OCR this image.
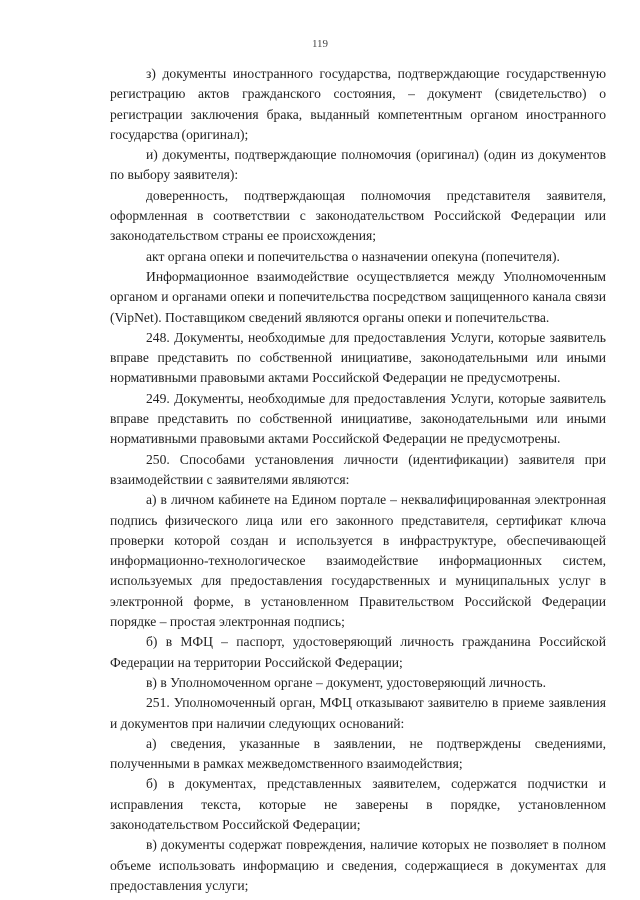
119

з) документы иностранного государства, подтверждающие государственную регистрацию актов гражданского состояния, – документ (свидетельство) о регистрации заключения брака, выданный компетентным органом иностранного государства (оригинал);

и) документы, подтверждающие полномочия (оригинал) (один из документов по выбору заявителя):

доверенность, подтверждающая полномочия представителя заявителя, оформленная в соответствии с законодательством Российской Федерации или законодательством страны ее происхождения;

акт органа опеки и попечительства о назначении опекуна (попечителя).

Информационное взаимодействие осуществляется между Уполномоченным органом и органами опеки и попечительства посредством защищенного канала связи (VipNet). Поставщиком сведений являются органы опеки и попечительства.

248. Документы, необходимые для предоставления Услуги, которые заявитель вправе представить по собственной инициативе, законодательными или иными нормативными правовыми актами Российской Федерации не предусмотрены.

249. Документы, необходимые для предоставления Услуги, которые заявитель вправе представить по собственной инициативе, законодательными или иными нормативными правовыми актами Российской Федерации не предусмотрены.

250. Способами установления личности (идентификации) заявителя при взаимодействии с заявителями являются:

а) в личном кабинете на Едином портале – неквалифицированная электронная подпись физического лица или его законного представителя, сертификат ключа проверки которой создан и используется в инфраструктуре, обеспечивающей информационно-технологическое взаимодействие информационных систем, используемых для предоставления государственных и муниципальных услуг в электронной форме, в установленном Правительством Российской Федерации порядке – простая электронная подпись;

б) в МФЦ – паспорт, удостоверяющий личность гражданина Российской Федерации на территории Российской Федерации;

в) в Уполномоченном органе – документ, удостоверяющий личность.

251. Уполномоченный орган, МФЦ отказывают заявителю в приеме заявления и документов при наличии следующих оснований:

а) сведения, указанные в заявлении, не подтверждены сведениями, полученными в рамках межведомственного взаимодействия;

б) в документах, представленных заявителем, содержатся подчистки и исправления текста, которые не заверены в порядке, установленном законодательством Российской Федерации;

в) документы содержат повреждения, наличие которых не позволяет в полном объеме использовать информацию и сведения, содержащиеся в документах для предоставления услуги;
